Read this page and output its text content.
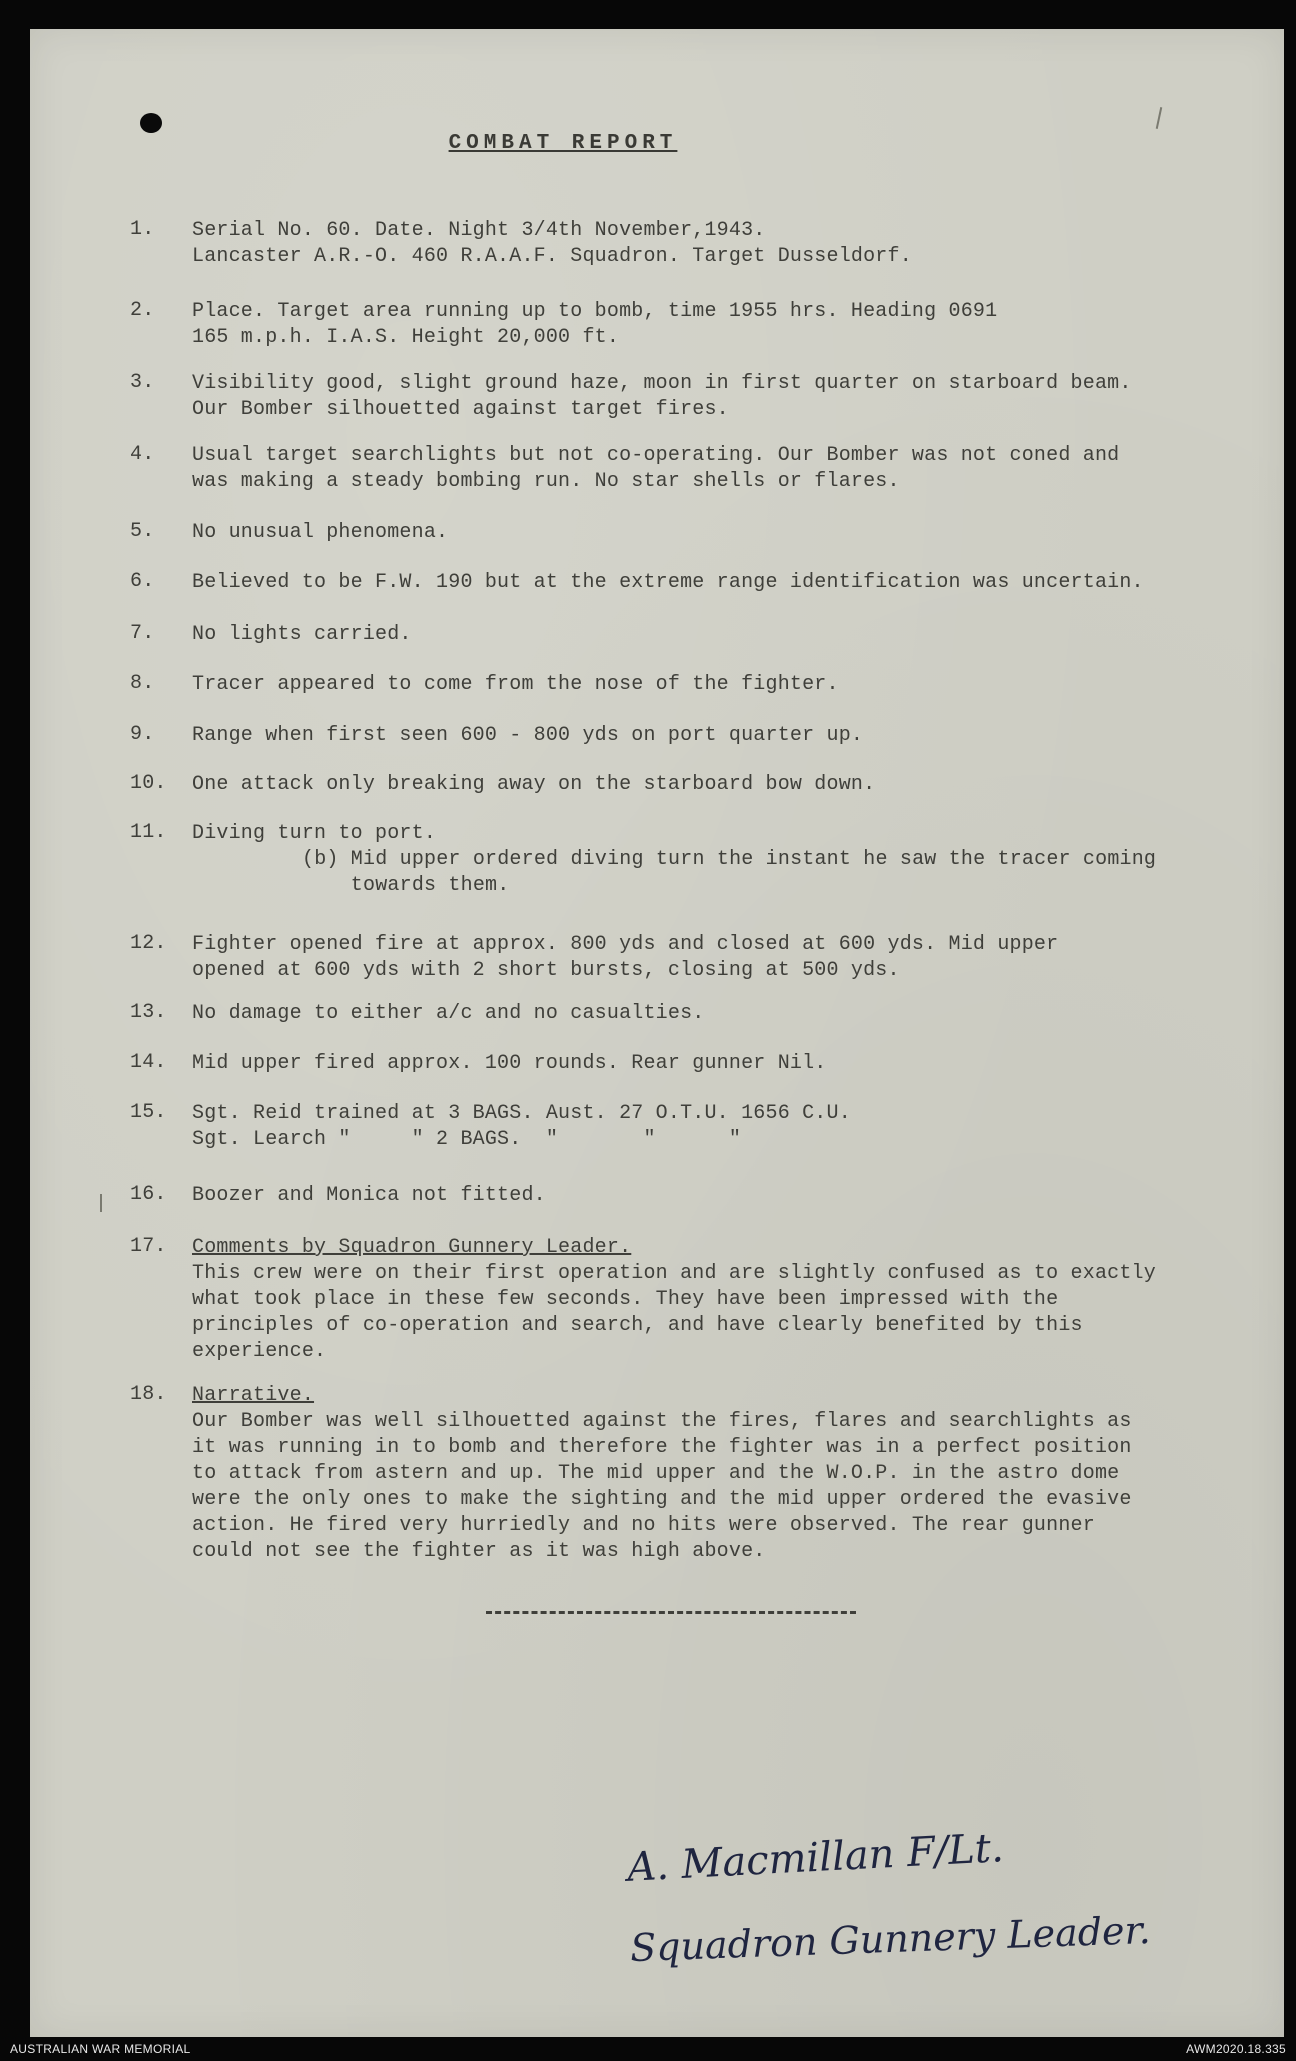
COMBAT REPORT
1.	Serial No. 60. Date. Night 3/4th November,1943.
Lancaster A.R.-O. 460 R.A.A.F. Squadron. Target Dusseldorf.
2.	Place. Target area running up to bomb, time 1955 hrs. Heading 0691
165 m.p.h. I.A.S. Height 20,000 ft.
3.	Visibility good, slight ground haze, moon in first quarter on starboard beam.
Our Bomber silhouetted against target fires.
4.	Usual target searchlights but not co-operating. Our Bomber was not coned and
was making a steady bombing run. No star shells or flares.
5.	No unusual phenomena.
6.	Believed to be F.W. 190 but at the extreme range identification was uncertain.
7.	No lights carried.
8.	Tracer appeared to come from the nose of the fighter.
9.	Range when first seen 600 - 800 yds on port quarter up.
10.	One attack only breaking away on the starboard bow down.
11.	Diving turn to port.
(b) Mid upper ordered diving turn the instant he saw the tracer coming
towards them.
12.	Fighter opened fire at approx. 800 yds and closed at 600 yds. Mid upper
opened at 600 yds with 2 short bursts, closing at 500 yds.
13.	No damage to either a/c and no casualties.
14.	Mid upper fired approx. 100 rounds. Rear gunner Nil.
15.	Sgt. Reid trained at 3 BAGS. Aust. 27 O.T.U. 1656 C.U.
Sgt. Learch "     " 2 BAGS.  "       "      "
16.	Boozer and Monica not fitted.
17.	Comments by Squadron Gunnery Leader.
This crew were on their first operation and are slightly confused as to exactly
what took place in these few seconds. They have been impressed with the
principles of co-operation and search, and have clearly benefited by this
experience.
18.	Narrative.
Our Bomber was well silhouetted against the fires, flares and searchlights as
it was running in to bomb and therefore the fighter was in a perfect position
to attack from astern and up. The mid upper and the W.O.P. in the astro dome
were the only ones to make the sighting and the mid upper ordered the evasive
action. He fired very hurriedly and no hits were observed. The rear gunner
could not see the fighter as it was high above.
A. Macmillan F/Lt.
Squadron Gunnery Leader.
AUSTRALIAN WAR MEMORIAL	AWM2020.18.335
